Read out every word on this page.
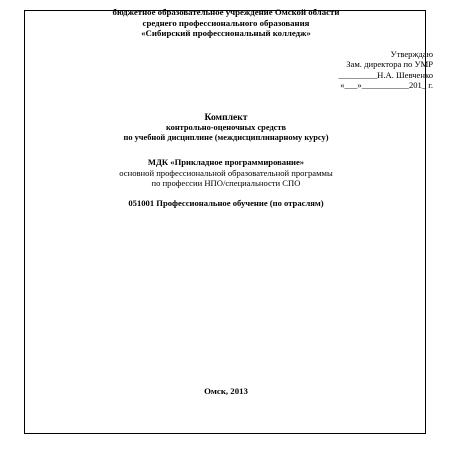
бюджетное образовательное учреждение Омской области
среднего профессионального образования
«Сибирский профессиональный колледж»
Утверждаю
Зам. директора по УМР
_________Н.А. Шевченко
«___»___________201_ г.
Комплект
контрольно-оценочных средств
по учебной дисциплине (междисциплинарному курсу)
МДК «Прикладное программирование»
основной профессиональной образовательной программы
по профессии НПО/специальности СПО
051001 Профессиональное обучение (по отраслям)
Омск, 2013
